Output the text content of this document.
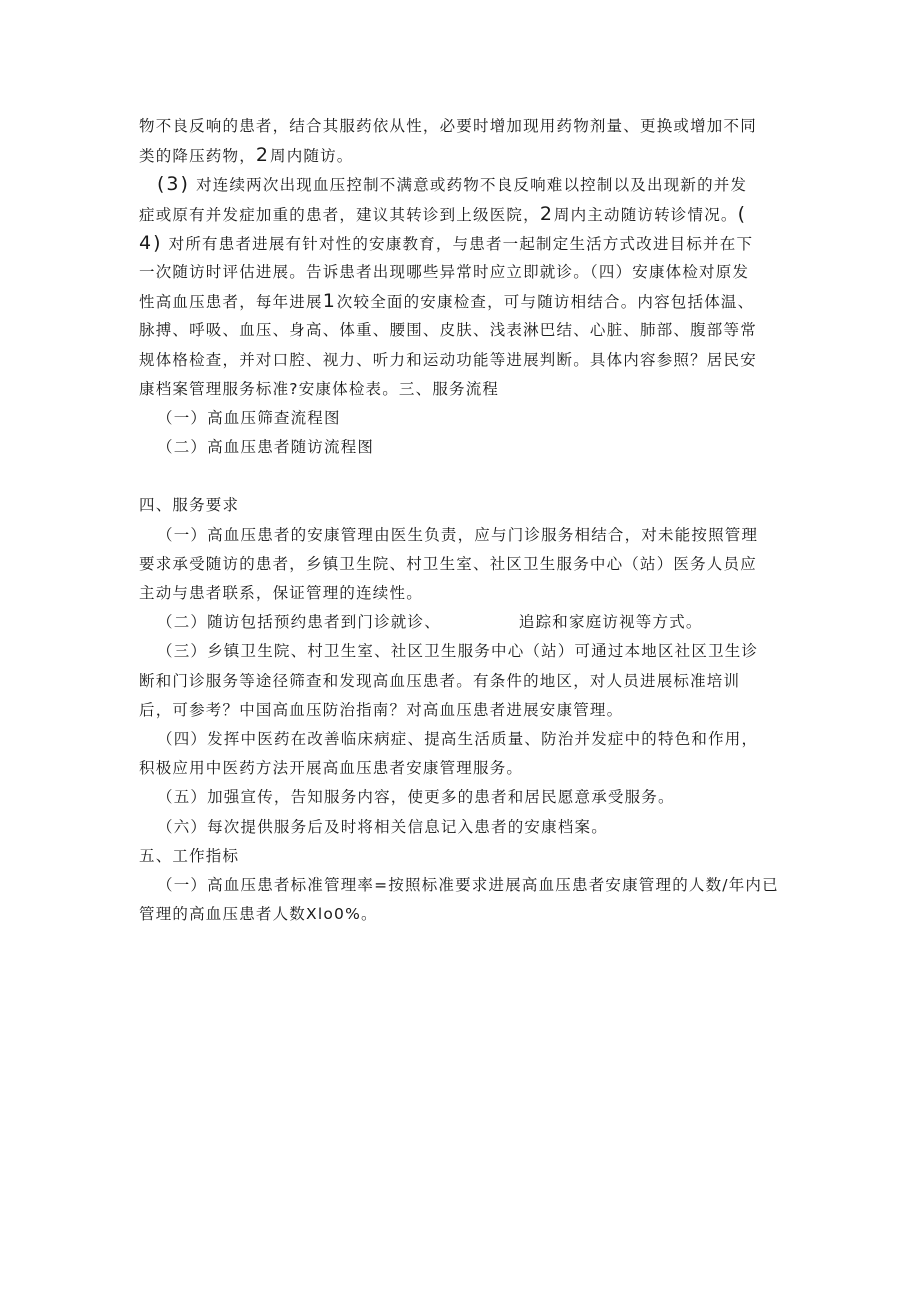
物不良反响的患者，结合其服药依从性，必要时增加现用药物剂量、更换或增加不同
类的降压药物，2周内随访。
(3) 对连续两次出现血压控制不满意或药物不良反响难以控制以及出现新的并发
症或原有并发症加重的患者，建议其转诊到上级医院，2周内主动随访转诊情况。(
4) 对所有患者进展有针对性的安康教育，与患者一起制定生活方式改进目标并在下
一次随访时评估进展。告诉患者出现哪些异常时应立即就诊。（四）安康体检对原发
性高血压患者，每年进展1次较全面的安康检查，可与随访相结合。内容包括体温、
脉搏、呼吸、血压、身高、体重、腰围、皮肤、浅表淋巴结、心脏、肺部、腹部等常
规体格检查，并对口腔、视力、听力和运动功能等进展判断。具体内容参照？居民安
康档案管理服务标准?安康体检表。三、服务流程
（一）高血压筛查流程图
（二）高血压患者随访流程图
四、服务要求
（一）高血压患者的安康管理由医生负责，应与门诊服务相结合，对未能按照管理
要求承受随访的患者，乡镇卫生院、村卫生室、社区卫生服务中心（站）医务人员应
主动与患者联系，保证管理的连续性。
（二）随访包括预约患者到门诊就诊、	追踪和家庭访视等方式。
（三）乡镇卫生院、村卫生室、社区卫生服务中心（站）可通过本地区社区卫生诊
断和门诊服务等途径筛查和发现高血压患者。有条件的地区，对人员进展标准培训
后，可参考？中国高血压防治指南？对高血压患者进展安康管理。
（四）发挥中医药在改善临床病症、提高生活质量、防治并发症中的特色和作用，
积极应用中医药方法开展高血压患者安康管理服务。
（五）加强宣传，告知服务内容，使更多的患者和居民愿意承受服务。
（六）每次提供服务后及时将相关信息记入患者的安康档案。
五、工作指标
（一）高血压患者标准管理率=按照标准要求进展高血压患者安康管理的人数/年内已
管理的高血压患者人数Xlo0%。
